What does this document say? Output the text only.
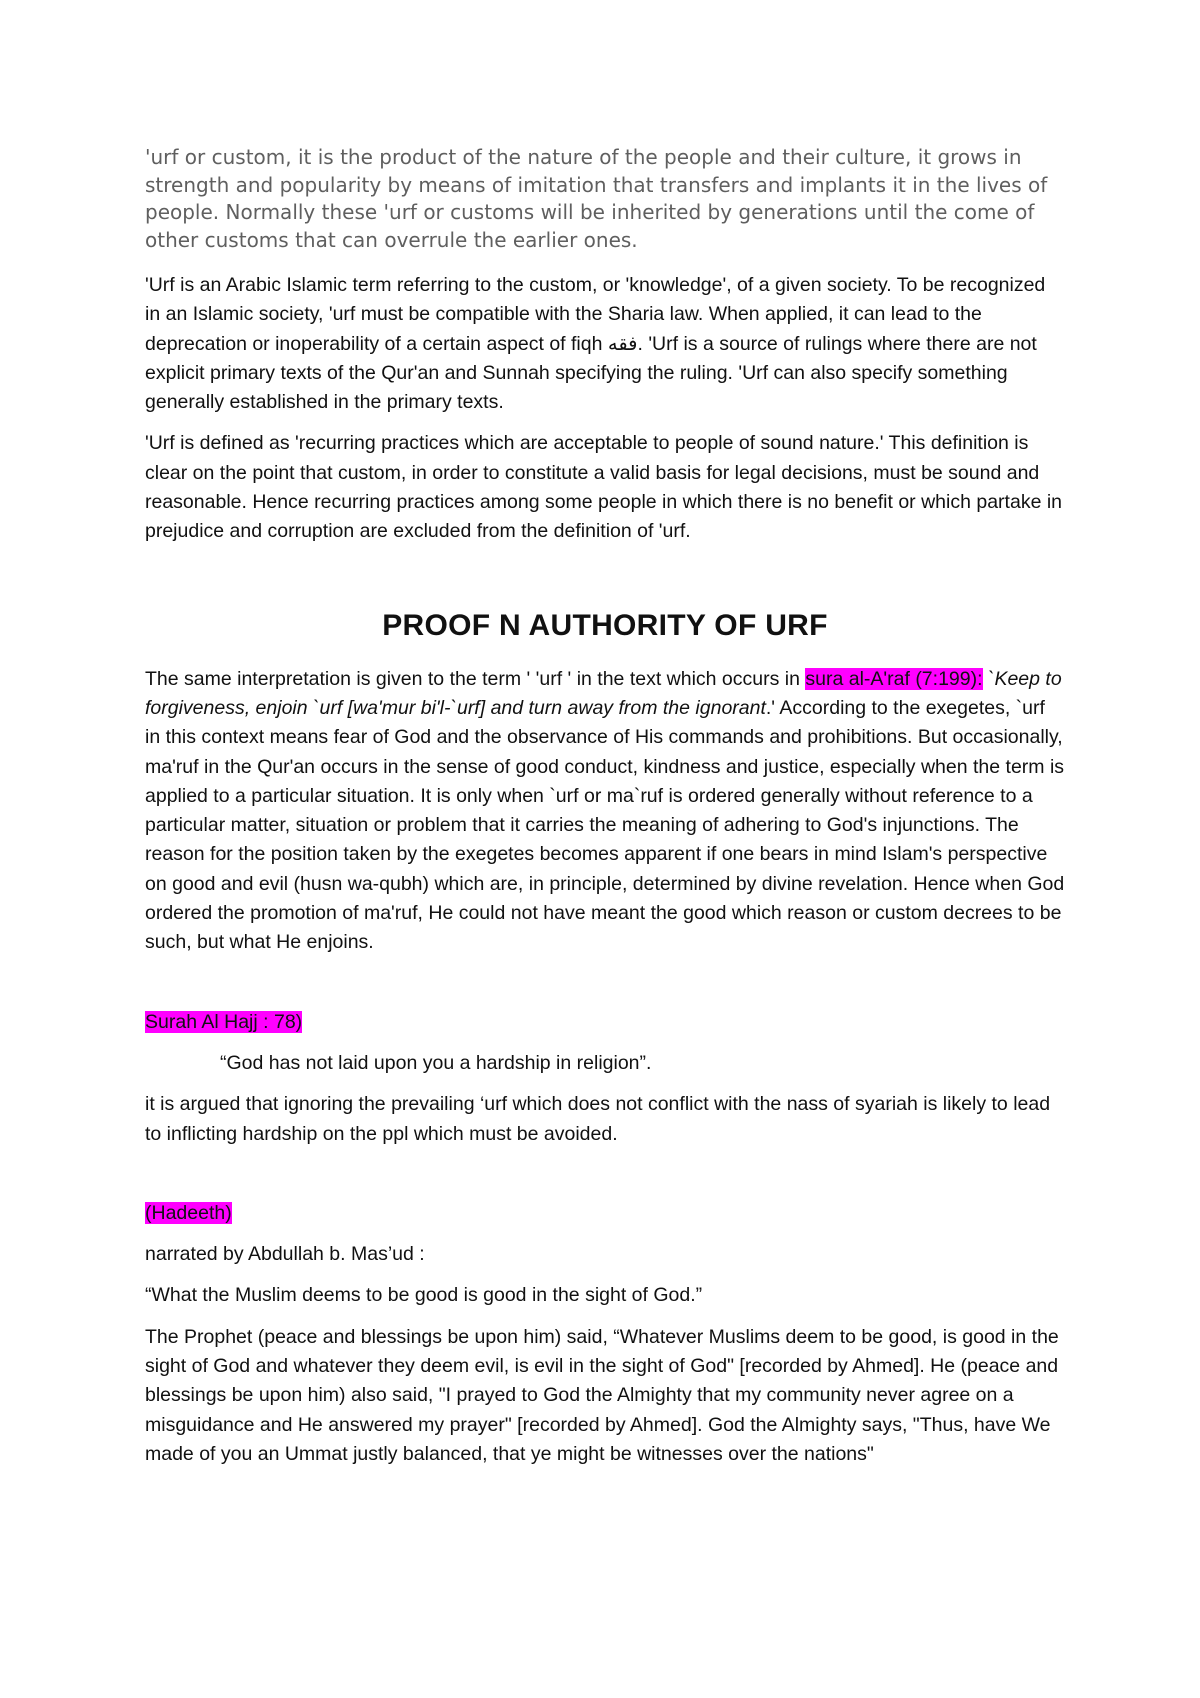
'urf or custom, it is the product of the nature of the people and their culture, it grows in strength and popularity by means of imitation that transfers and implants it in the lives of people. Normally these 'urf or customs will be inherited by generations until the come of other customs that can overrule the earlier ones.

'Urf is an Arabic Islamic term referring to the custom, or 'knowledge', of a given society. To be recognized in an Islamic society, 'urf must be compatible with the Sharia law. When applied, it can lead to the deprecation or inoperability of a certain aspect of fiqh فقه. 'Urf is a source of rulings where there are not explicit primary texts of the Qur'an and Sunnah specifying the ruling. 'Urf can also specify something generally established in the primary texts.

'Urf is defined as 'recurring practices which are acceptable to people of sound nature.' This definition is clear on the point that custom, in order to constitute a valid basis for legal decisions, must be sound and reasonable. Hence recurring practices among some people in which there is no benefit or which partake in prejudice and corruption are excluded from the definition of 'urf.

PROOF N AUTHORITY OF URF

The same interpretation is given to the term ' 'urf ' in the text which occurs in sura al-A'raf (7:199): `Keep to forgiveness, enjoin `urf [wa'mur bi'l-`urf] and turn away from the ignorant.' According to the exegetes, `urf in this context means fear of God and the observance of His commands and prohibitions. But occasionally, ma'ruf in the Qur'an occurs in the sense of good conduct, kindness and justice, especially when the term is applied to a particular situation. It is only when `urf or ma`ruf is ordered generally without reference to a particular matter, situation or problem that it carries the meaning of adhering to God's injunctions. The reason for the position taken by the exegetes becomes apparent if one bears in mind Islam's perspective on good and evil (husn wa-qubh) which are, in principle, determined by divine revelation. Hence when God ordered the promotion of ma'ruf, He could not have meant the good which reason or custom decrees to be such, but what He enjoins.

Surah Al Hajj : 78)

“God has not laid upon you a hardship in religion”.

it is argued that ignoring the prevailing ‘urf which does not conflict with the nass of syariah is likely to lead to inflicting hardship on the ppl which must be avoided.

(Hadeeth)

narrated by Abdullah b. Mas’ud :

“What the Muslim deems to be good is good in the sight of God.”

The Prophet (peace and blessings be upon him) said, “Whatever Muslims deem to be good, is good in the sight of God and whatever they deem evil, is evil in the sight of God" [recorded by Ahmed]. He (peace and blessings be upon him) also said, "I prayed to God the Almighty that my community never agree on a misguidance and He answered my prayer" [recorded by Ahmed]. God the Almighty says, "Thus, have We made of you an Ummat justly balanced, that ye might be witnesses over the nations"
